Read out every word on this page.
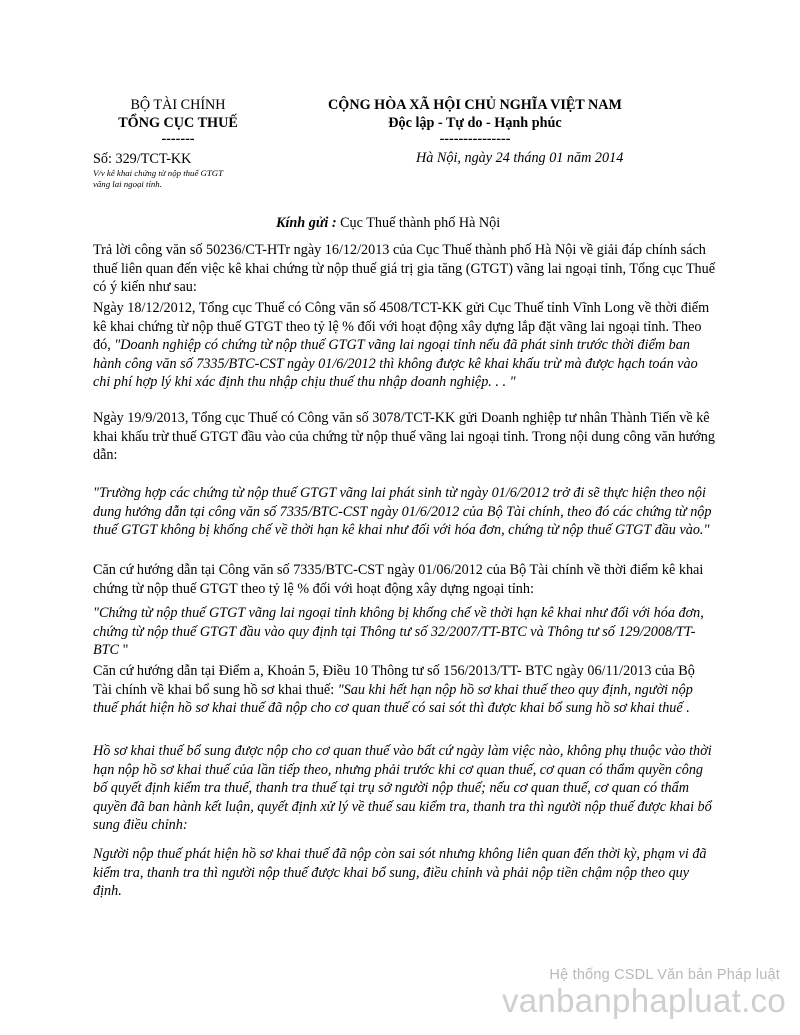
BỘ TÀI CHÍNH
TỔNG CỤC THUẾ
-------
Số: 329/TCT-KK
V/v kê khai chứng từ nộp thuế GTGT
vãng lai ngoại tỉnh.
CỘNG HÒA XÃ HỘI CHỦ NGHĨA VIỆT NAM
Độc lập - Tự do - Hạnh phúc
---------------
Hà Nội, ngày 24 tháng 01 năm 2014
Kính gửi : Cục Thuế thành phố Hà Nội

Trả lời công văn số 50236/CT-HTr ngày 16/12/2013 của Cục Thuế thành phố Hà Nội về giải đáp chính sách thuế liên quan đến việc kê khai chứng từ nộp thuế giá trị gia tăng (GTGT) vãng lai ngoại tỉnh, Tổng cục Thuế có ý kiến như sau:

Ngày 18/12/2012, Tổng cục Thuế có Công văn số 4508/TCT-KK gửi Cục Thuế tỉnh Vĩnh Long về thời điểm kê khai chứng từ nộp thuế GTGT theo tỷ lệ % đối với hoạt động xây dựng lắp đặt vãng lai ngoại tỉnh. Theo đó, "Doanh nghiệp có chứng từ nộp thuế GTGT vãng lai ngoại tỉnh nếu đã phát sinh trước thời điểm ban hành công văn số 7335/BTC-CST ngày 01/6/2012 thì không được kê khai khấu trừ mà được hạch toán vào chi phí hợp lý khi xác định thu nhập chịu thuế thu nhập doanh nghiệp. . . "

Ngày 19/9/2013, Tổng cục Thuế có Công văn số 3078/TCT-KK gửi Doanh nghiệp tư nhân Thành Tiến về kê khai khấu trừ thuế GTGT đầu vào của chứng từ nộp thuế vãng lai ngoại tỉnh. Trong nội dung công văn hướng dẫn:

"Trường hợp các chứng từ nộp thuế GTGT vãng lai phát sinh từ ngày 01/6/2012 trở đi sẽ thực hiện theo nội dung hướng dẫn tại công văn số 7335/BTC-CST ngày 01/6/2012 của Bộ Tài chính, theo đó các chứng từ nộp thuế GTGT không bị khống chế về thời hạn kê khai như đối với hóa đơn, chứng từ nộp thuế GTGT đầu vào."

Căn cứ hướng dẫn tại Công văn số 7335/BTC-CST ngày 01/06/2012 của Bộ Tài chính về thời điểm kê khai chứng từ nộp thuế GTGT theo tỷ lệ % đối với hoạt động xây dựng ngoại tỉnh:

"Chứng từ nộp thuế GTGT vãng lai ngoại tỉnh không bị khống chế về thời hạn kê khai như đối với hóa đơn, chứng từ nộp thuế GTGT đầu vào quy định tại Thông tư số 32/2007/TT-BTC và Thông tư số 129/2008/TT-BTC "

Căn cứ hướng dẫn tại Điểm a, Khoản 5, Điều 10 Thông tư số 156/2013/TT- BTC ngày 06/11/2013 của Bộ Tài chính về khai bổ sung hồ sơ khai thuế: "Sau khi hết hạn nộp hồ sơ khai thuế theo quy định, người nộp thuế phát hiện hồ sơ khai thuế đã nộp cho cơ quan thuế có sai sót thì được khai bổ sung hồ sơ khai thuế .

Hồ sơ khai thuế bổ sung được nộp cho cơ quan thuế vào bất cứ ngày làm việc nào, không phụ thuộc vào thời hạn nộp hồ sơ khai thuế của lần tiếp theo, nhưng phải trước khi cơ quan thuế, cơ quan có thẩm quyền công bố quyết định kiểm tra thuế, thanh tra thuế tại trụ sở người nộp thuế; nếu cơ quan thuế, cơ quan có thẩm quyền đã ban hành kết luận, quyết định xử lý về thuế sau kiểm tra, thanh tra thì người nộp thuế được khai bổ sung điều chỉnh:

Người nộp thuế phát hiện hồ sơ khai thuế đã nộp còn sai sót nhưng không liên quan đến thời kỳ, phạm vi đã kiểm tra, thanh tra thì người nộp thuế được khai bổ sung, điều chỉnh và phải nộp tiền chậm nộp theo quy định.

Hệ thống CSDL Văn bản Pháp luật
vanbanphapluat.co
